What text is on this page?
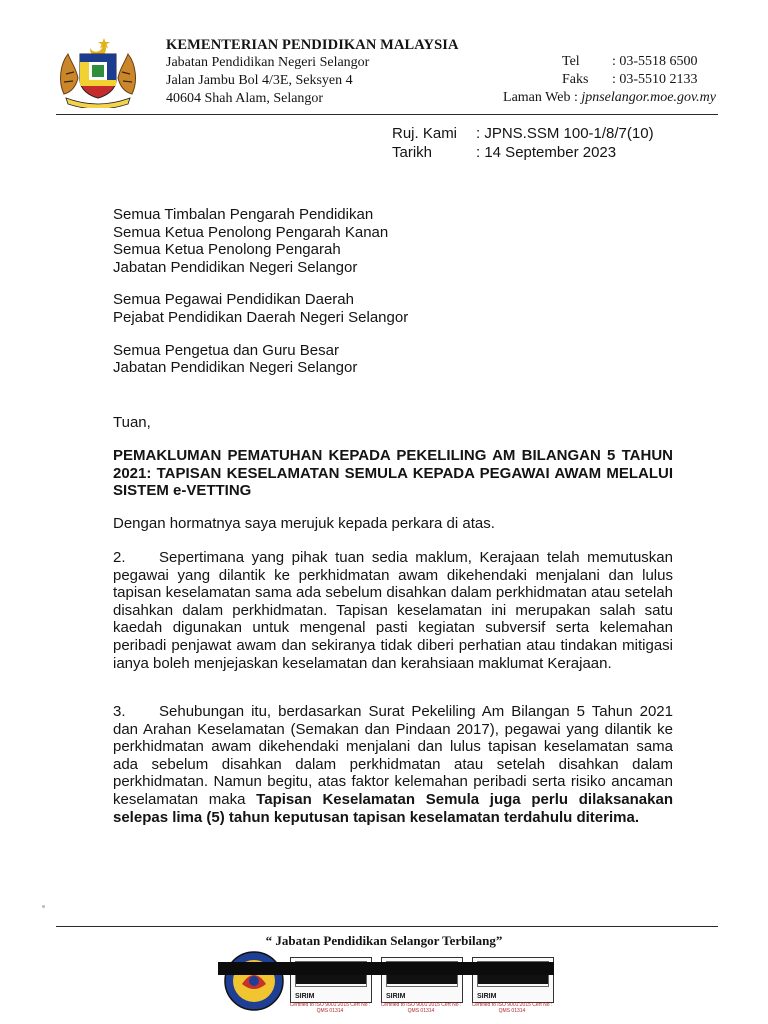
KEMENTERIAN PENDIDIKAN MALAYSIA
Jabatan Pendidikan Negeri Selangor
Jalan Jambu Bol 4/3E, Seksyen 4
40604 Shah Alam, Selangor
Tel	: 03-5518 6500
Faks	: 03-5510 2133
Laman Web :
jpnselangor.moe.gov.my
Ruj. Kami	: JPNS.SSM 100-1/8/7(10)
Tarikh	: 14 September 2023

Semua Timbalan Pengarah Pendidikan
Semua Ketua Penolong Pengarah Kanan
Semua Ketua Penolong Pengarah
Jabatan Pendidikan Negeri Selangor

Semua Pegawai Pendidikan Daerah
Pejabat Pendidikan Daerah Negeri Selangor

Semua Pengetua dan Guru Besar
Jabatan Pendidikan Negeri Selangor

Tuan,
PEMAKLUMAN PEMATUHAN KEPADA PEKELILING AM BILANGAN 5 TAHUN 2021: TAPISAN KESELAMATAN SEMULA KEPADA PEGAWAI AWAM MELALUI SISTEM e-VETTING
Dengan hormatnya saya merujuk kepada perkara di atas.
2. Sepertimana yang pihak tuan sedia maklum, Kerajaan telah memutuskan pegawai yang dilantik ke perkhidmatan awam dikehendaki menjalani dan lulus tapisan keselamatan sama ada sebelum disahkan dalam perkhidmatan atau setelah disahkan dalam perkhidmatan. Tapisan keselamatan ini merupakan salah satu kaedah digunakan untuk mengenal pasti kegiatan subversif serta kelemahan peribadi penjawat awam dan sekiranya tidak diberi perhatian atau tindakan mitigasi ianya boleh menjejaskan keselamatan dan kerahsiaan maklumat Kerajaan.
3. Sehubungan itu, berdasarkan Surat Pekeliling Am Bilangan 5 Tahun 2021 dan Arahan Keselamatan (Semakan dan Pindaan 2017), pegawai yang dilantik ke perkhidmatan awam dikehendaki menjalani dan lulus tapisan keselamatan sama ada sebelum disahkan dalam perkhidmatan atau setelah disahkan dalam perkhidmatan. Namun begitu, atas faktor kelemahan peribadi serta risiko ancaman keselamatan maka Tapisan Keselamatan Semula juga perlu dilaksanakan selepas lima (5) tahun keputusan tapisan keselamatan terdahulu diterima.
“ Jabatan Pendidikan Selangor Terbilang”
SIRIM	SIRIM	SIRIM
Certified to ISO 9001:2015 Cert No : QMS 01314
Certified to ISO 9001:2015 Cert No : QMS 01314
Certified to ISO 9001:2015 Cert No : QMS 01314
